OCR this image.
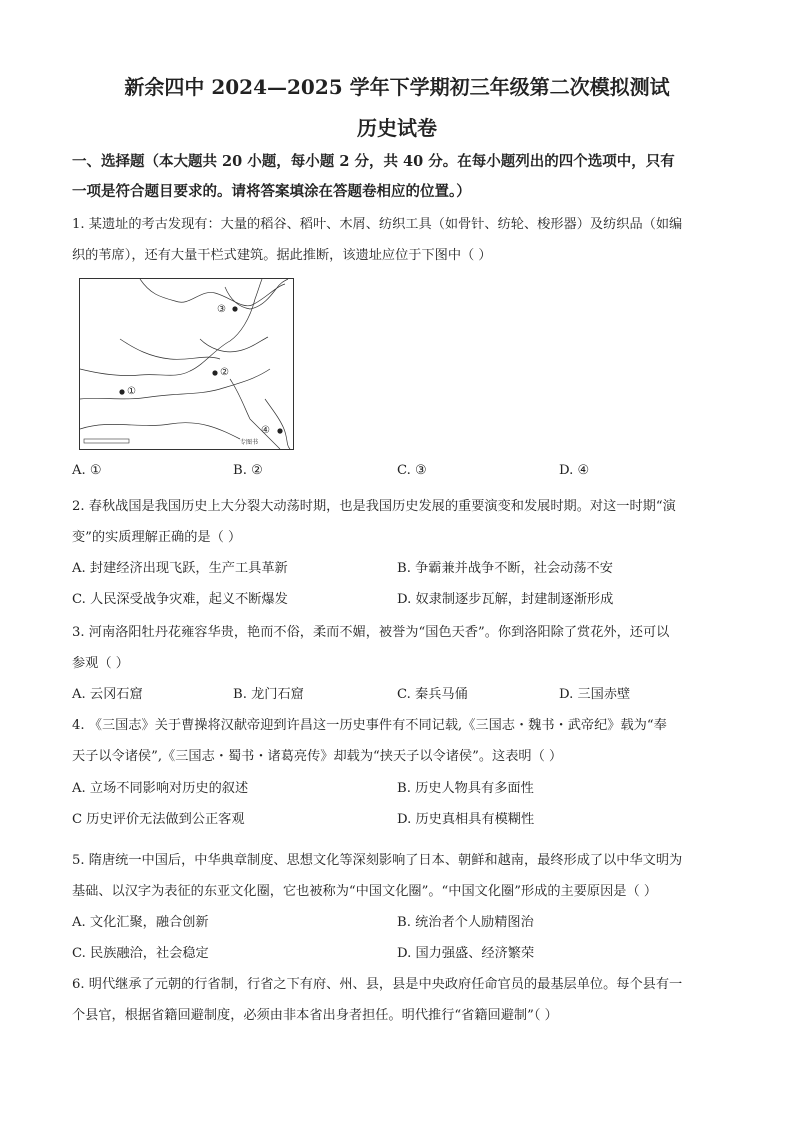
新余四中 2024—2025 学年下学期初三年级第二次模拟测试
历史试卷
一、选择题（本大题共 20 小题，每小题 2 分，共 40 分。在每小题列出的四个选项中，只有
一项是符合题目要求的。请将答案填涂在答题卷相应的位置。）
1. 某遗址的考古发现有：大量的稻谷、稻叶、木屑、纺织工具（如骨针、纺轮、梭形器）及纺织品（如编
织的苇席），还有大量干栏式建筑。据此推断，该遗址应位于下图中（ ）
③
②
①
④
专图书
A. ①	B. ②	C. ③	D. ④
2. 春秋战国是我国历史上大分裂大动荡时期，也是我国历史发展的重要演变和发展时期。对这一时期“演
变”的实质理解正确的是（ ）
A. 封建经济出现飞跃，生产工具革新	B. 争霸兼并战争不断，社会动荡不安
C. 人民深受战争灾难，起义不断爆发	D. 奴隶制逐步瓦解，封建制逐渐形成
3. 河南洛阳牡丹花雍容华贵，艳而不俗，柔而不媚，被誉为“国色天香”。你到洛阳除了赏花外，还可以
参观（ ）
A. 云冈石窟	B. 龙门石窟	C. 秦兵马俑	D. 三国赤壁
4. 《三国志》关于曹操将汉献帝迎到许昌这一历史事件有不同记载,《三国志・魏书・武帝纪》载为“奉
天子以令诸侯”,《三国志・蜀书・诸葛亮传》却载为“挟天子以令诸侯”。这表明（ ）
A. 立场不同影响对历史的叙述	B. 历史人物具有多面性
C 历史评价无法做到公正客观	D. 历史真相具有模糊性
5. 隋唐统一中国后，中华典章制度、思想文化等深刻影响了日本、朝鲜和越南，最终形成了以中华文明为
基础、以汉字为表征的东亚文化圈，它也被称为“中国文化圈”。“中国文化圈”形成的主要原因是（ ）
A. 文化汇聚，融合创新	B. 统治者个人励精图治
C. 民族融洽，社会稳定	D. 国力强盛、经济繁荣
6. 明代继承了元朝的行省制，行省之下有府、州、县，县是中央政府任命官员的最基层单位。每个县有一
个县官，根据省籍回避制度，必须由非本省出身者担任。明代推行“省籍回避制”（ ）
